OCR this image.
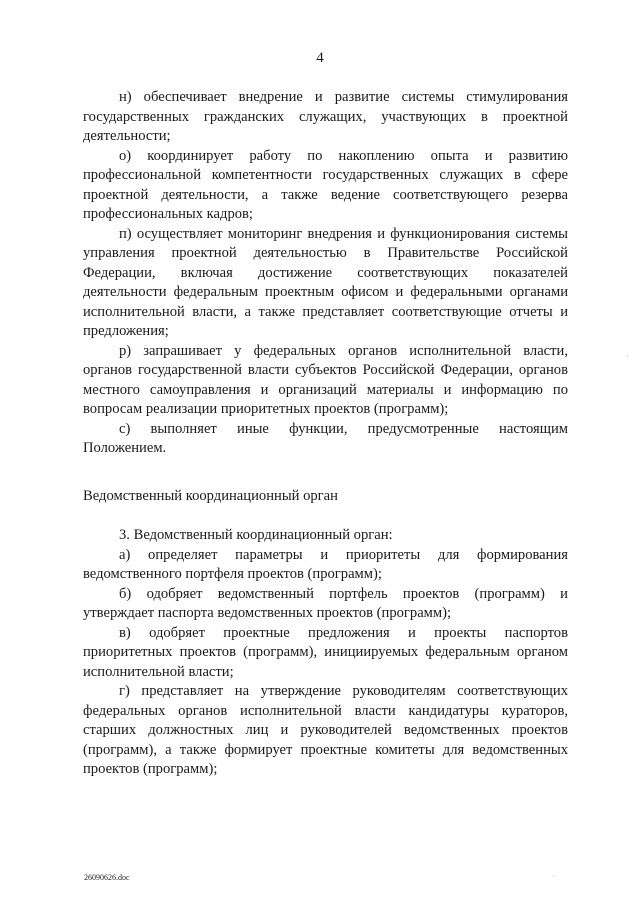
4

н) обеспечивает внедрение и развитие системы стимулирования государственных гражданских служащих, участвующих в проектной деятельности;

о) координирует работу по накоплению опыта и развитию профессиональной компетентности государственных служащих в сфере проектной деятельности, а также ведение соответствующего резерва профессиональных кадров;

п) осуществляет мониторинг внедрения и функционирования системы управления проектной деятельностью в Правительстве Российской Федерации, включая достижение соответствующих показателей деятельности федеральным проектным офисом и федеральными органами исполнительной власти, а также представляет соответствующие отчеты и предложения;

р) запрашивает у федеральных органов исполнительной власти, органов государственной власти субъектов Российской Федерации, органов местного самоуправления и организаций материалы и информацию по вопросам реализации приоритетных проектов (программ);

с) выполняет иные функции, предусмотренные настоящим Положением.

Ведомственный координационный орган

3. Ведомственный координационный орган:

а) определяет параметры и приоритеты для формирования ведомственного портфеля проектов (программ);

б) одобряет ведомственный портфель проектов (программ) и утверждает паспорта ведомственных проектов (программ);

в) одобряет проектные предложения и проекты паспортов приоритетных проектов (программ), инициируемых федеральным органом исполнительной власти;

г) представляет на утверждение руководителям соответствующих федеральных органов исполнительной власти кандидатуры кураторов, старших должностных лиц и руководителей ведомственных проектов (программ), а также формирует проектные комитеты для ведомственных проектов (программ);

26090626.doc
·
·
